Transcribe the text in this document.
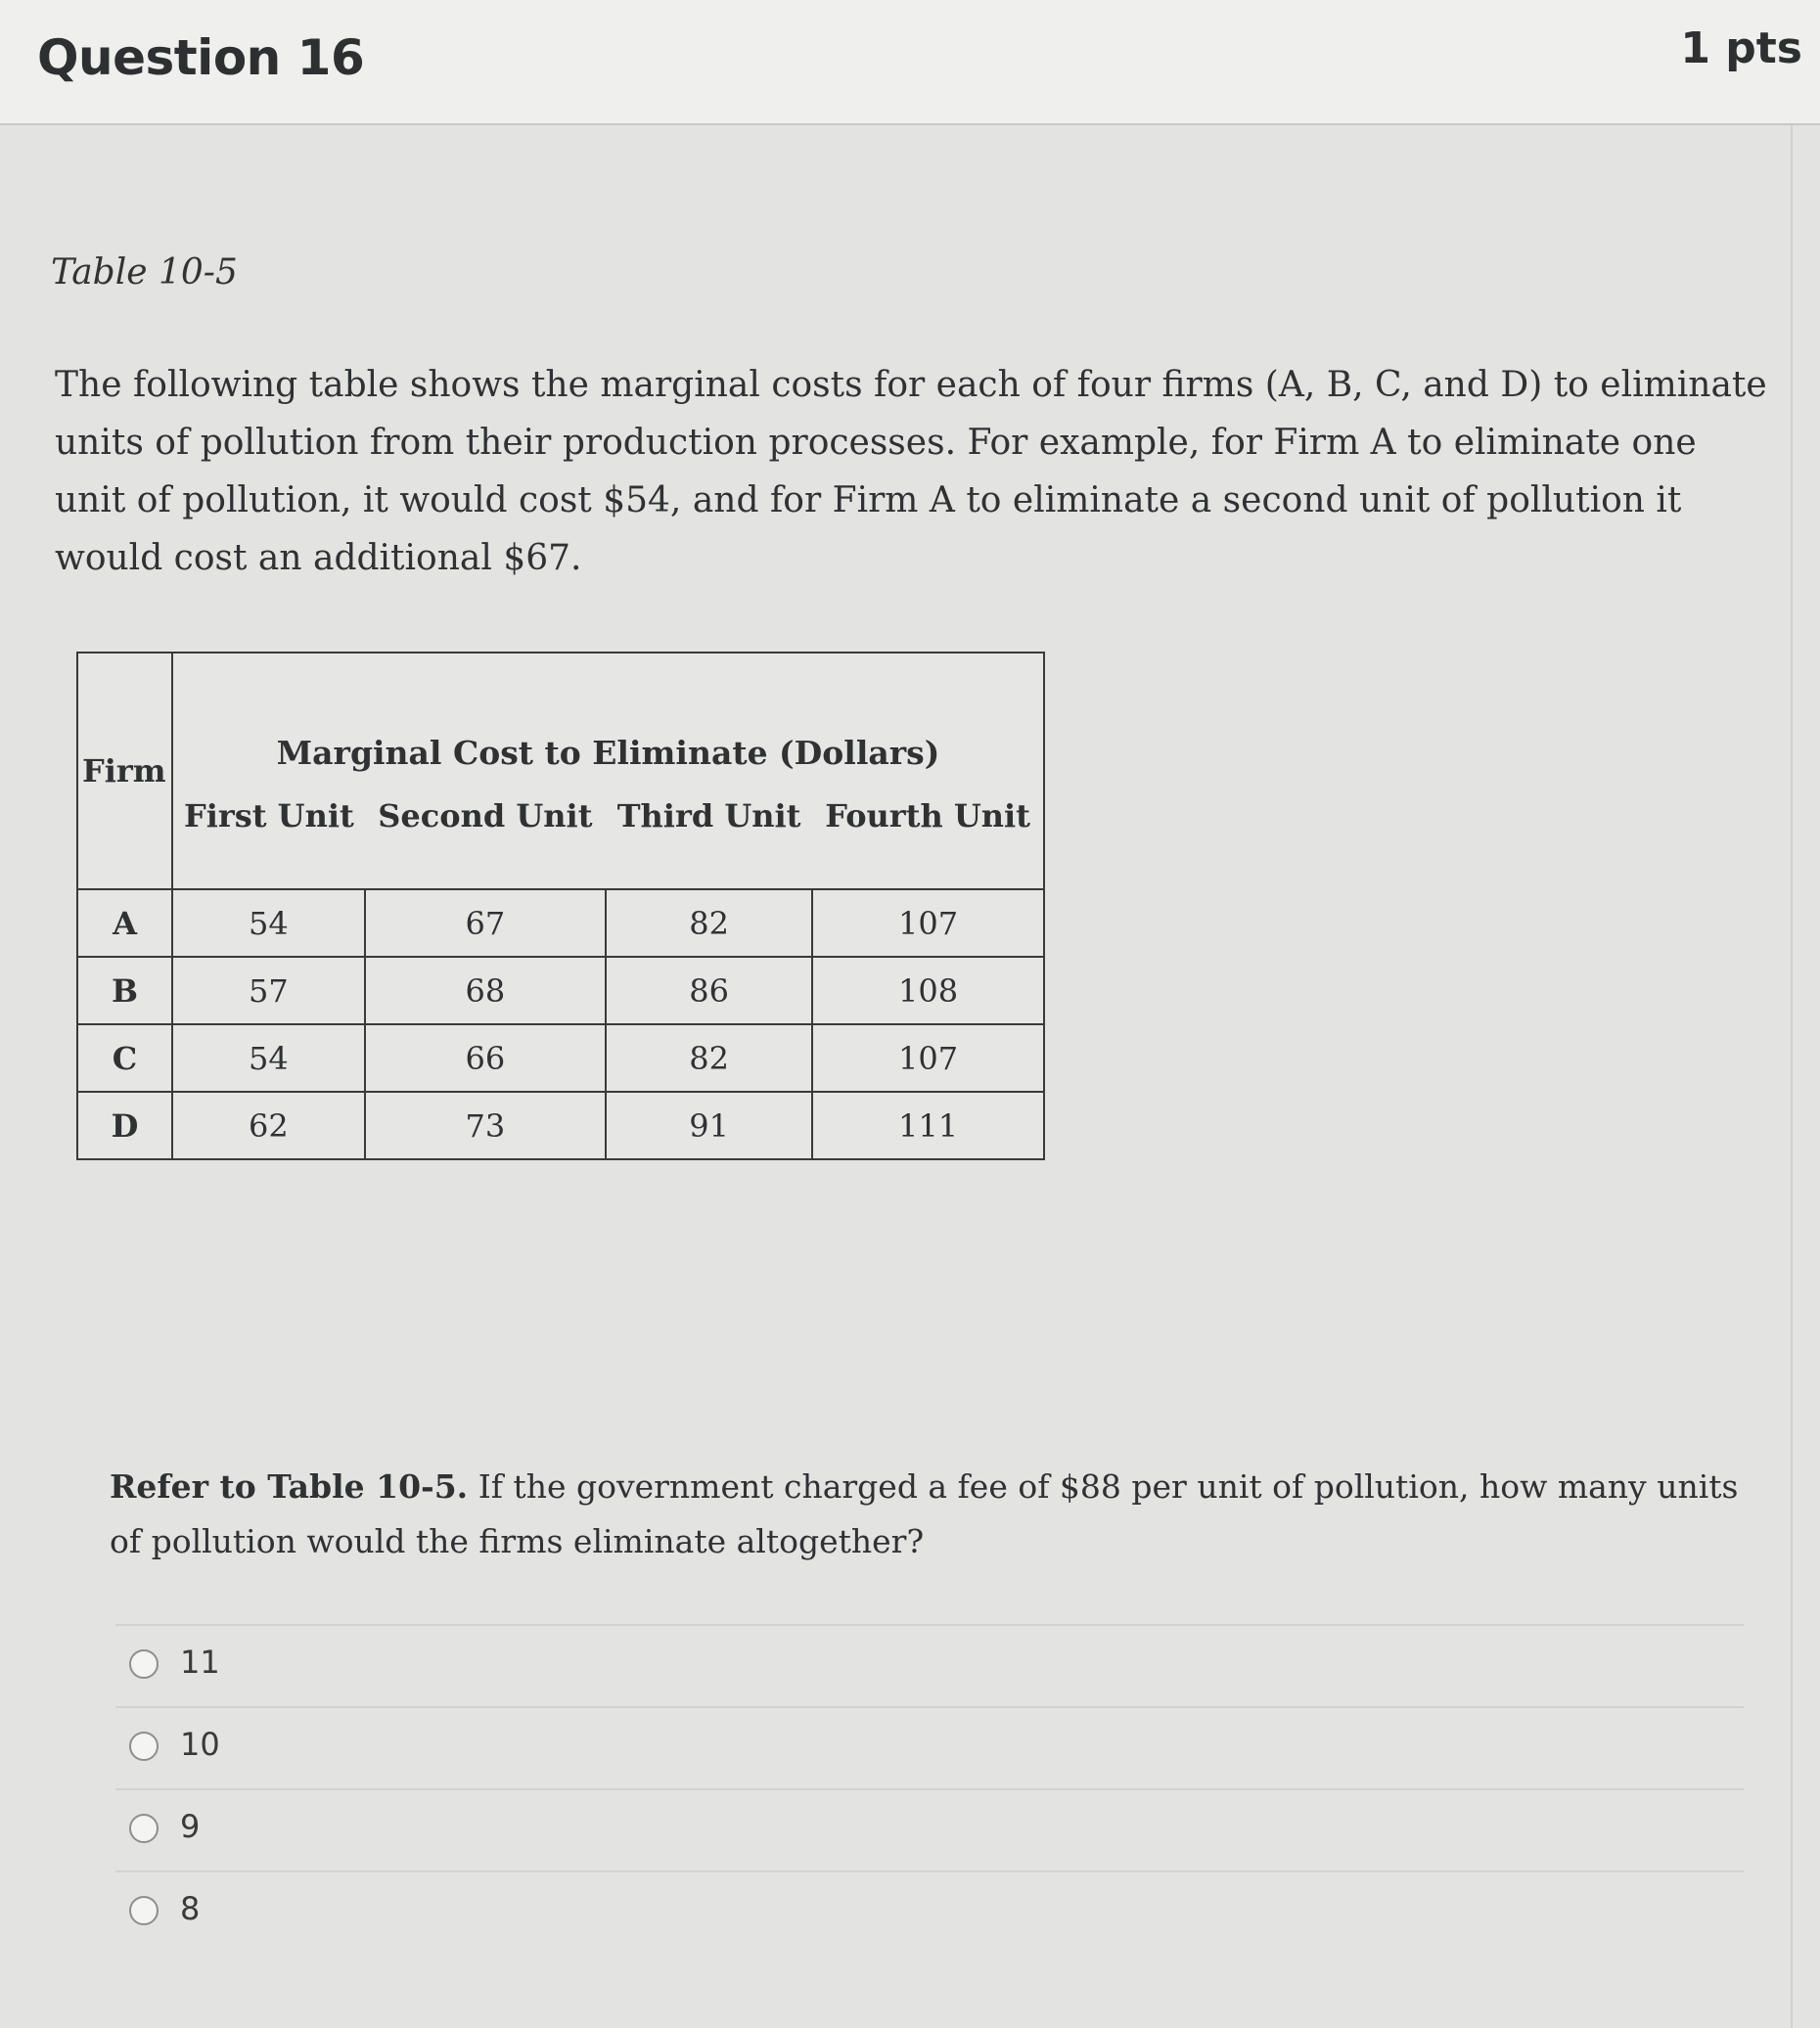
Question 16	1 pts
Table 10-5
The following table shows the marginal costs for each of four firms (A, B, C, and D) to eliminate units of pollution from their production processes. For example, for Firm A to eliminate one unit of pollution, it would cost $54, and for Firm A to eliminate a second unit of pollution it would cost an additional $67.
Firm	Marginal Cost to Eliminate (Dollars)			
	First Unit	Second Unit	Third Unit	Fourth Unit
A	54	67	82	107
B	57	68	86	108
C	54	66	82	107
D	62	73	91	111
Refer to Table 10-5. If the government charged a fee of $88 per unit of pollution, how many units of pollution would the firms eliminate altogether?
11
10
9
8
